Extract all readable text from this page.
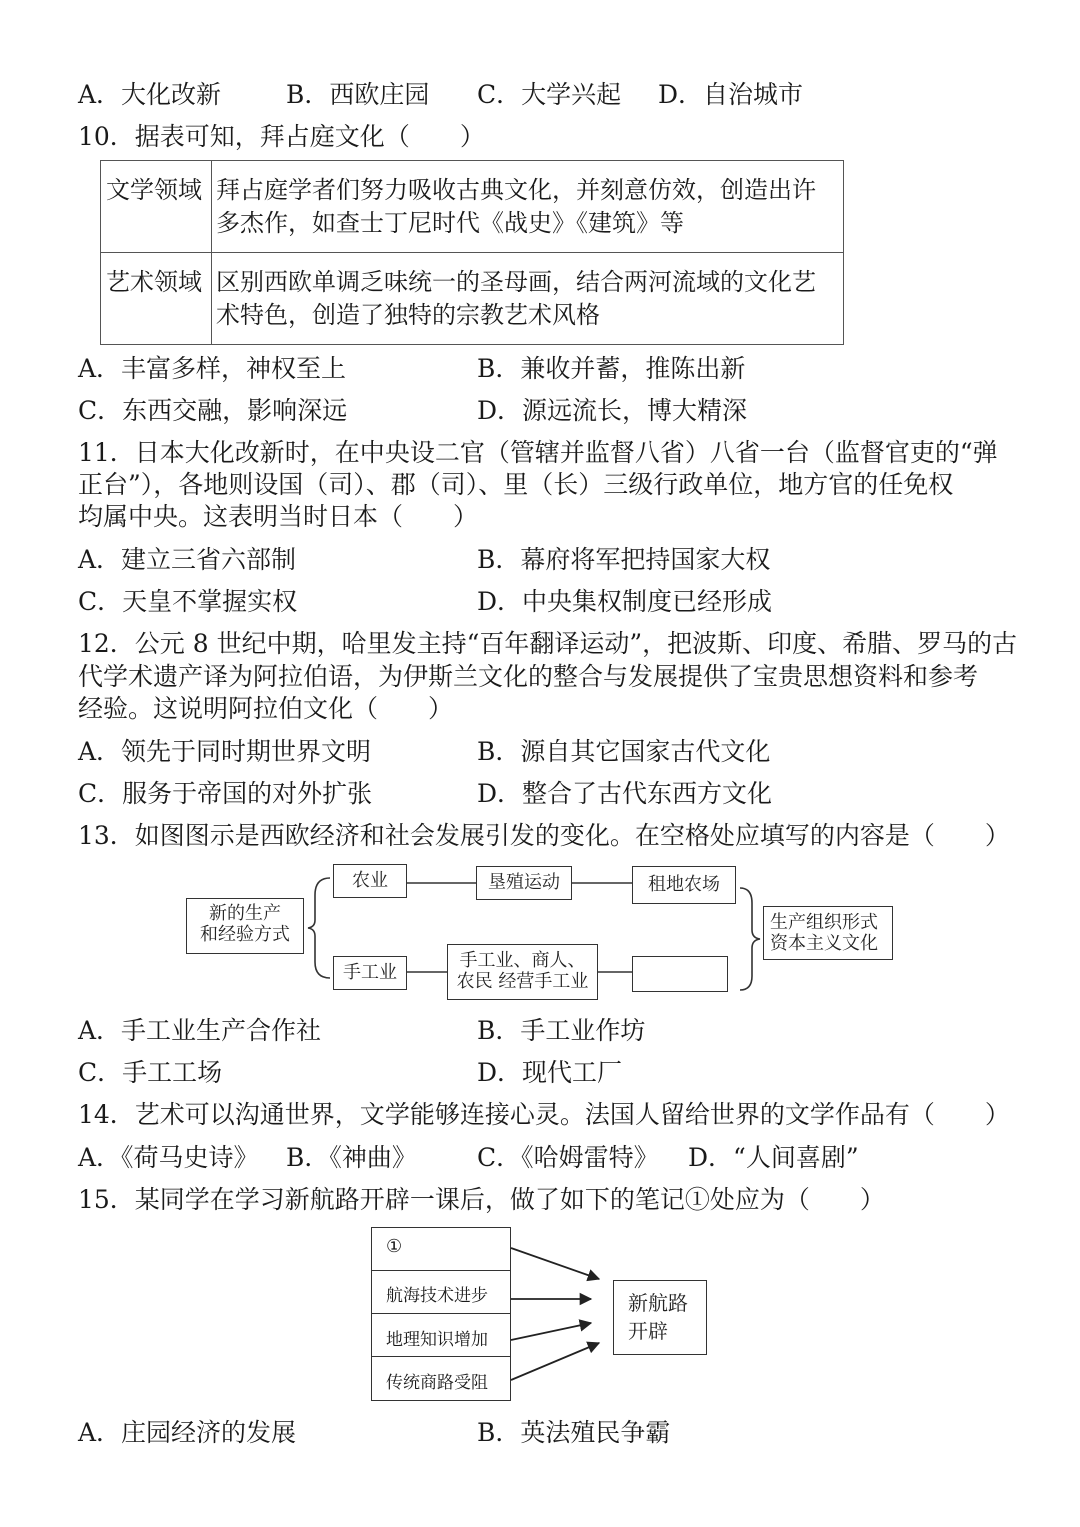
A．大化改新	B．西欧庄园 C．大学兴起 D．自治城市
10．据表可知，拜占庭文化（　　）
文学领域	拜占庭学者们努力吸收古典文化，并刻意仿效，创造出许
多杰作，如查士丁尼时代《战史》《建筑》等
艺术领域	区别西欧单调乏味统一的圣母画，结合两河流域的文化艺
术特色，创造了独特的宗教艺术风格
A．丰富多样，神权至上	B．兼收并蓄，推陈出新
C．东西交融，影响深远	D．源远流长，博大精深
11．日本大化改新时，在中央设二官（管辖并监督八省）八省一台（监督官吏的“弹
正台”），各地则设国（司）、郡（司）、里（长）三级行政单位，地方官的任免权
均属中央。这表明当时日本（　　）
A．建立三省六部制	B．幕府将军把持国家大权
C．天皇不掌握实权	D．中央集权制度已经形成
12．公元 8 世纪中期，哈里发主持“百年翻译运动”，把波斯、印度、希腊、罗马的古
代学术遗产译为阿拉伯语，为伊斯兰文化的整合与发展提供了宝贵思想资料和参考
经验。这说明阿拉伯文化（　　）
A．领先于同时期世界文明	B．源自其它国家古代文化
C．服务于帝国的对外扩张	D．整合了古代东西方文化
13．如图图示是西欧经济和社会发展引发的变化。在空格处应填写的内容是（　　）
新的生产
和经验方式
农业	垦殖运动	租地农场
手工业
手工业、商人、
农民 经营手工业
生产组织形式
资本主义文化
A．手工业生产合作社	B．手工业作坊
C．手工工场	D．现代工厂
14．艺术可以沟通世界，文学能够连接心灵。法国人留给世界的文学作品有（　　）
A．《荷马史诗》 B．《神曲》 C．《哈姆雷特》 D．“人间喜剧”
15．某同学在学习新航路开辟一课后，做了如下的笔记①处应为（　　）
①
航海技术进步
地理知识增加
传统商路受阻
新航路
开辟
A．庄园经济的发展	B．英法殖民争霸
